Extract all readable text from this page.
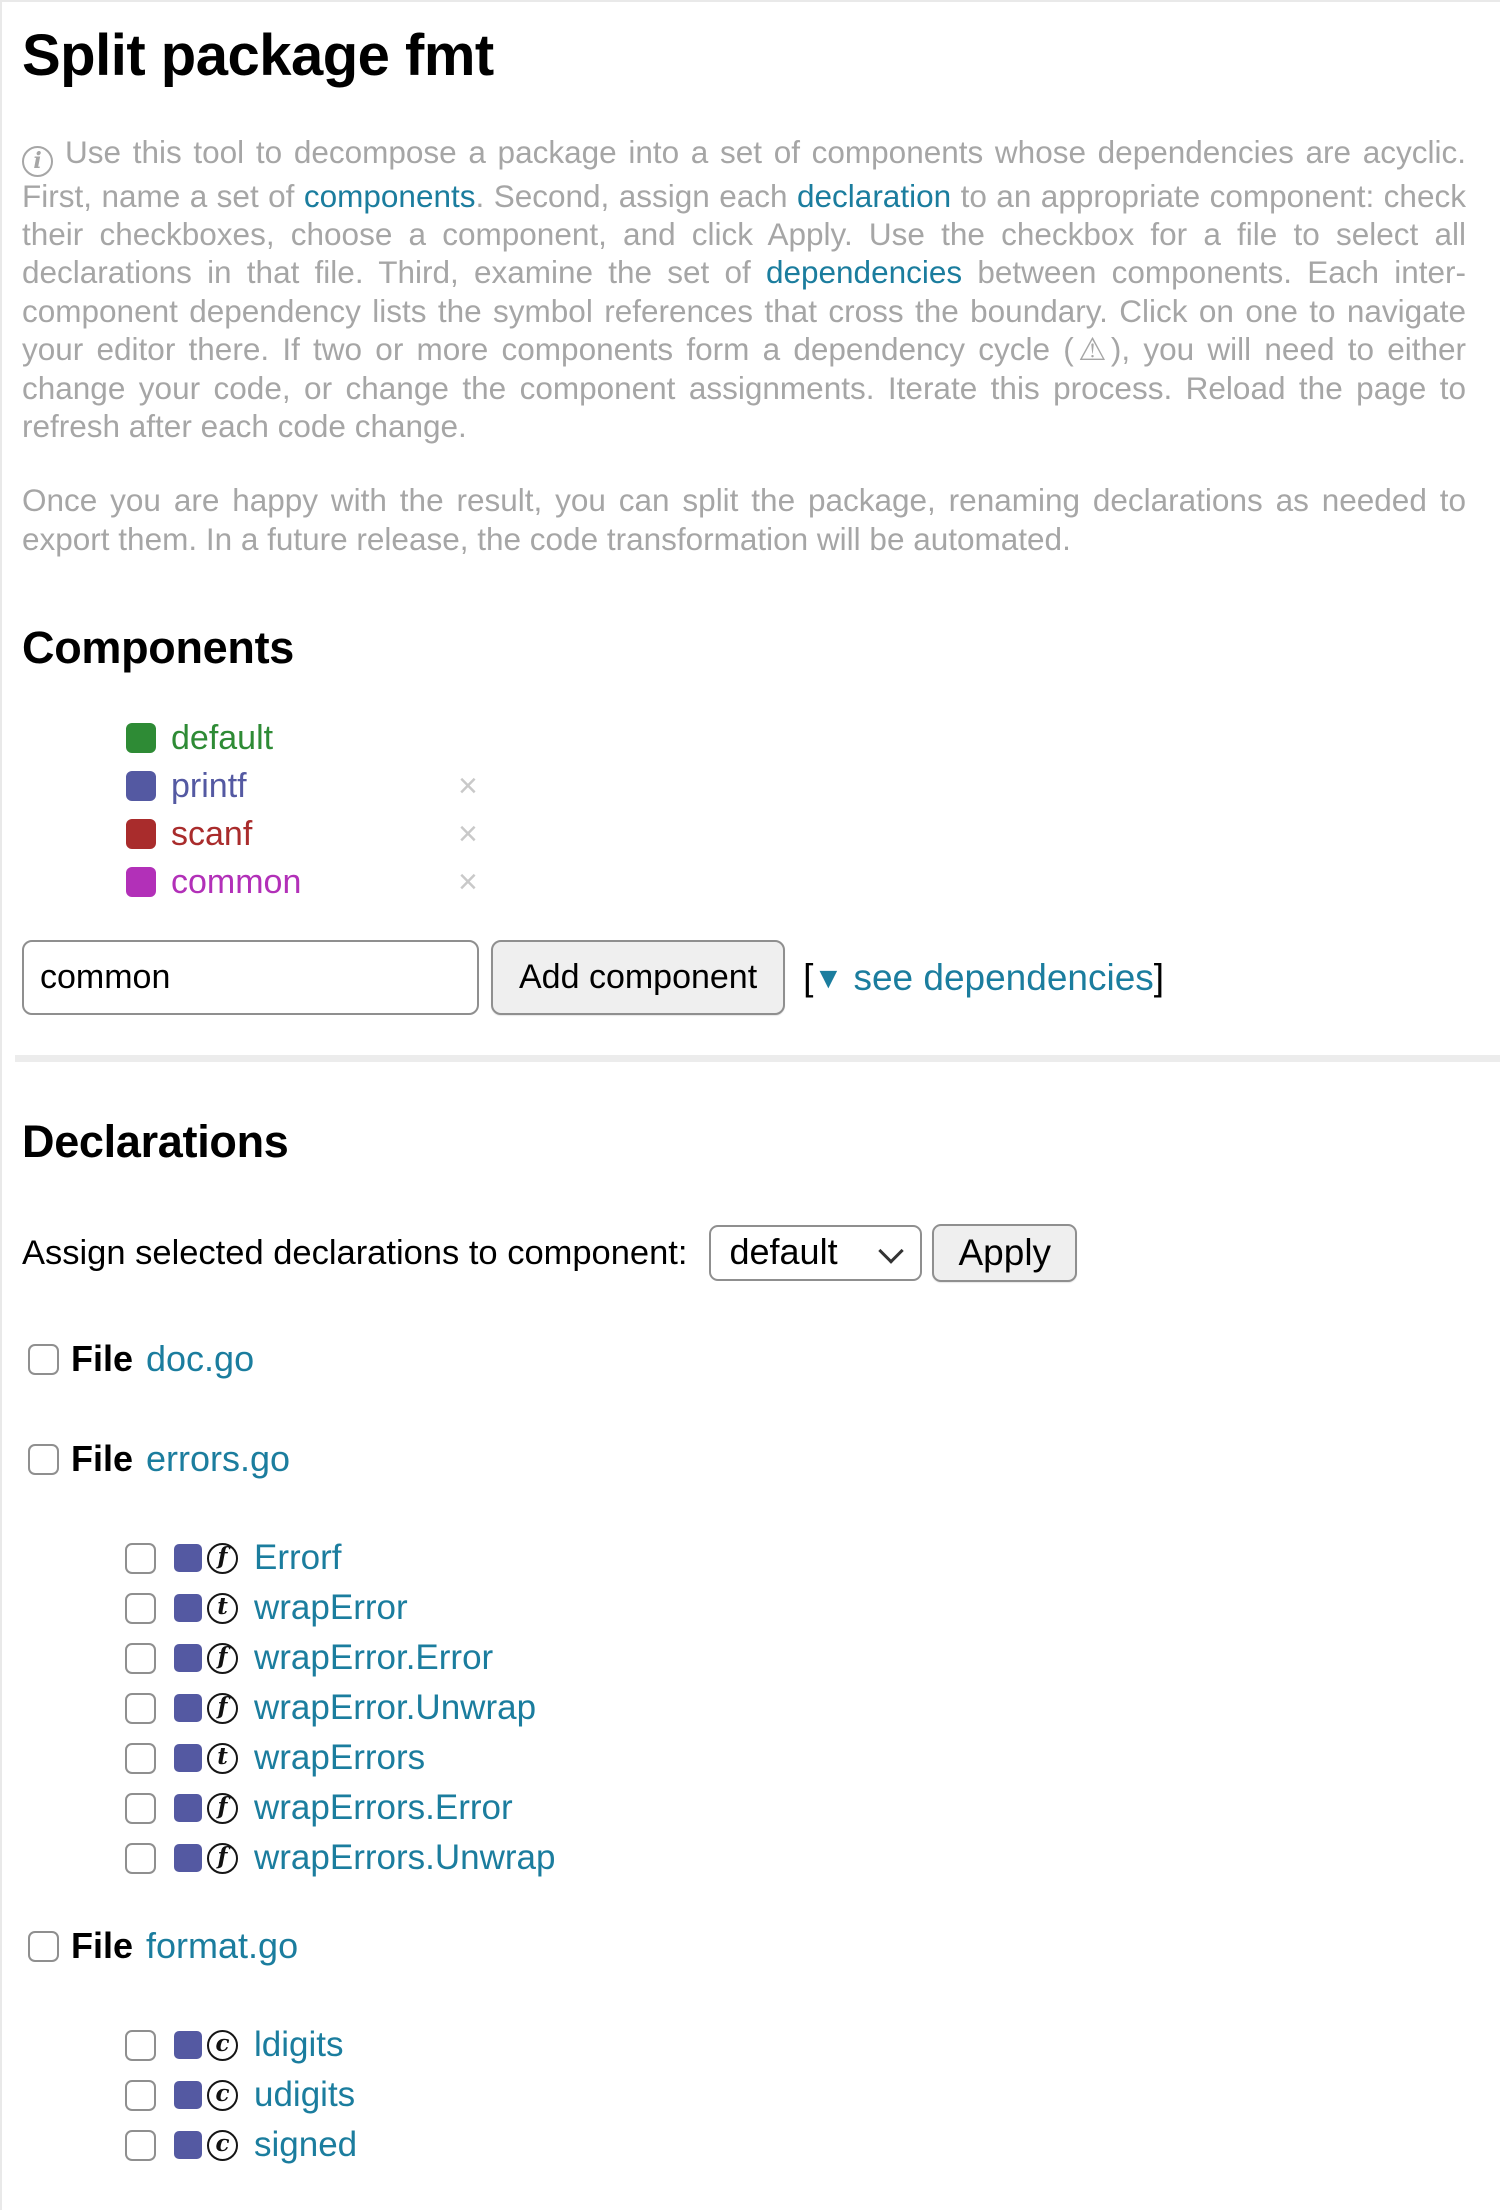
Split package fmt

i Use this tool to decompose a package into a set of components whose dependencies are acyclic. First, name a set of components. Second, assign each declaration to an appropriate component: check their checkboxes, choose a component, and click Apply. Use the checkbox for a file to select all declarations in that file. Third, examine the set of dependencies between components. Each inter-component dependency lists the symbol references that cross the boundary. Click on one to navigate your editor there. If two or more components form a dependency cycle (⚠), you will need to either change your code, or change the component assignments. Iterate this process. Reload the page to refresh after each code change.

Once you are happy with the result, you can split the package, renaming declarations as needed to export them. In a future release, the code transformation will be automated.

Components
default
printf	×
scanf	×
common	×
common
Add component	[▼ see dependencies]
Declarations
Assign selected declarations to component:
default	Apply
File doc.go
File errors.go
f Errorf
t wrapError
f wrapError.Error
f wrapError.Unwrap
t wrapErrors
f wrapErrors.Error
f wrapErrors.Unwrap
File format.go
c ldigits
c udigits
c signed
